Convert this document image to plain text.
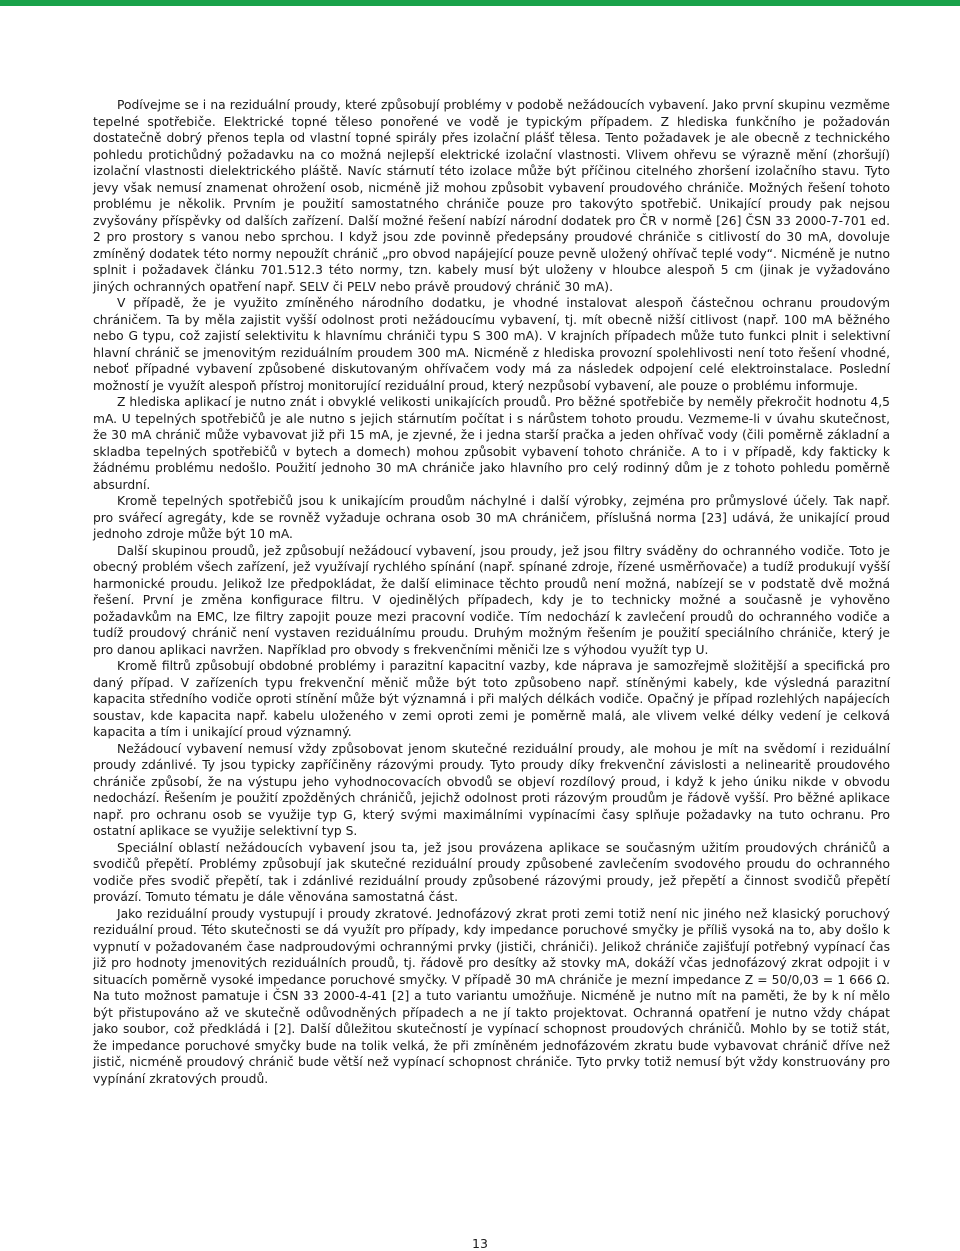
Podívejme se i na reziduální proudy, které způsobují problémy v podobě nežádoucích vybavení. Jako první skupinu vezměme tepelné spotřebiče. Elektrické topné těleso ponořené ve vodě je typickým případem. Z hlediska funkčního je požadován dostatečně dobrý přenos tepla od vlastní topné spirály přes izolační plášť tělesa. Tento požadavek je ale obecně z technického pohledu protichůdný požadavku na co možná nejlepší elektrické izolační vlastnosti. Vlivem ohřevu se výrazně mění (zhoršují) izolační vlastnosti dielektrického pláště. Navíc stárnutí této izolace může být příčinou citelného zhoršení izolačního stavu. Tyto jevy však nemusí znamenat ohrožení osob, nicméně již mohou způsobit vybavení proudového chrániče. Možných řešení tohoto problému je několik. Prvním je použití samostatného chrániče pouze pro takovýto spotřebič. Unikající proudy pak nejsou zvyšovány příspěvky od dalších zařízení. Další možné řešení nabízí národní dodatek pro ČR v normě [26] ČSN 33 2000-7-701 ed. 2 pro prostory s vanou nebo sprchou. I když jsou zde povinně předepsány proudové chrániče s citlivostí do 30 mA, dovoluje zmíněný dodatek této normy nepoužít chránič „pro obvod napájející pouze pevně uložený ohřívač teplé vody“. Nicméně je nutno splnit i požadavek článku 701.512.3 této normy, tzn. kabely musí být uloženy v hloubce alespoň 5 cm (jinak je vyžadováno jiných ochranných opatření např. SELV či PELV nebo právě proudový chránič 30 mA).

V případě, že je využito zmíněného národního dodatku, je vhodné instalovat alespoň částečnou ochranu proudovým chráničem. Ta by měla zajistit vyšší odolnost proti nežádoucímu vybavení, tj. mít obecně nižší citlivost (např. 100 mA běžného nebo G typu, což zajistí selektivitu k hlavnímu chrániči typu S 300 mA). V krajních případech může tuto funkci plnit i selektivní hlavní chránič se jmenovitým reziduálním proudem 300 mA. Nicméně z hlediska provozní spolehlivosti není toto řešení vhodné, neboť případné vybavení způsobené diskutovaným ohřívačem vody má za následek odpojení celé elektroinstalace. Poslední možností je využít alespoň přístroj monitorující reziduální proud, který nezpůsobí vybavení, ale pouze o problému informuje.

Z hlediska aplikací je nutno znát i obvyklé velikosti unikajících proudů. Pro běžné spotřebiče by neměly překročit hodnotu 4,5 mA. U tepelných spotřebičů je ale nutno s jejich stárnutím počítat i s nárůstem tohoto proudu. Vezmeme-li v úvahu skutečnost, že 30 mA chránič může vybavovat již při 15 mA, je zjevné, že i jedna starší pračka a jeden ohřívač vody (čili poměrně základní a skladba tepelných spotřebičů v bytech a domech) mohou způsobit vybavení tohoto chrániče. A to i v případě, kdy fakticky k žádnému problému nedošlo. Použití jednoho 30 mA chrániče jako hlavního pro celý rodinný dům je z tohoto pohledu poměrně absurdní.

Kromě tepelných spotřebičů jsou k unikajícím proudům náchylné i další výrobky, zejména pro průmyslové účely. Tak např. pro svářecí agregáty, kde se rovněž vyžaduje ochrana osob 30 mA chráničem, příslušná norma [23] udává, že unikající proud jednoho zdroje může být 10 mA.

Další skupinou proudů, jež způsobují nežádoucí vybavení, jsou proudy, jež jsou filtry sváděny do ochranného vodiče. Toto je obecný problém všech zařízení, jež využívají rychlého spínání (např. spínané zdroje, řízené usměrňovače) a tudíž produkují vyšší harmonické proudu. Jelikož lze předpokládat, že další eliminace těchto proudů není možná, nabízejí se v podstatě dvě možná řešení. První je změna konfigurace filtru. V ojedinělých případech, kdy je to technicky možné a současně je vyhověno požadavkům na EMC, lze filtry zapojit pouze mezi pracovní vodiče. Tím nedochází k zavlečení proudů do ochranného vodiče a tudíž proudový chránič není vystaven reziduálnímu proudu. Druhým možným řešením je použití speciálního chrániče, který je pro danou aplikaci navržen. Například pro obvody s frekvenčními měniči lze s výhodou využít typ U.

Kromě filtrů způsobují obdobné problémy i parazitní kapacitní vazby, kde náprava je samozřejmě složitější a specifická pro daný případ. V zařízeních typu frekvenční měnič může být toto způsobeno např. stíněnými kabely, kde výsledná parazitní kapacita středního vodiče oproti stínění může být významná i při malých délkách vodiče. Opačný je případ rozlehlých napájecích soustav, kde kapacita např. kabelu uloženého v zemi oproti zemi je poměrně malá, ale vlivem velké délky vedení je celková kapacita a tím i unikající proud významný.

Nežádoucí vybavení nemusí vždy způsobovat jenom skutečné reziduální proudy, ale mohou je mít na svědomí i reziduální proudy zdánlivé. Ty jsou typicky zapříčiněny rázovými proudy. Tyto proudy díky frekvenční závislosti a nelinearitě proudového chrániče způsobí, že na výstupu jeho vyhodnocovacích obvodů se objeví rozdílový proud, i když k jeho úniku nikde v obvodu nedochází. Řešením je použití zpožděných chráničů, jejichž odolnost proti rázovým proudům je řádově vyšší. Pro běžné aplikace např. pro ochranu osob se využije typ G, který svými maximálními vypínacími časy splňuje požadavky na tuto ochranu. Pro ostatní aplikace se využije selektivní typ S.

Speciální oblastí nežádoucích vybavení jsou ta, jež jsou provázena aplikace se současným užitím proudových chráničů a svodičů přepětí. Problémy způsobují jak skutečné reziduální proudy způsobené zavlečením svodového proudu do ochranného vodiče přes svodič přepětí, tak i zdánlivé reziduální proudy způsobené rázovými proudy, jež přepětí a činnost svodičů přepětí provází. Tomuto tématu je dále věnována samostatná část.

Jako reziduální proudy vystupují i proudy zkratové. Jednofázový zkrat proti zemi totiž není nic jiného než klasický poruchový reziduální proud. Této skutečnosti se dá využít pro případy, kdy impedance poruchové smyčky je příliš vysoká na to, aby došlo k vypnutí v požadovaném čase nadproudovými ochrannými prvky (jističi, chrániči). Jelikož chrániče zajišťují potřebný vypínací čas již pro hodnoty jmenovitých reziduálních proudů, tj. řádově pro desítky až stovky mA, dokáží včas jednofázový zkrat odpojit i v situacích poměrně vysoké impedance poruchové smyčky. V případě 30 mA chrániče je mezní impedance Z = 50/0,03 = 1 666 Ω. Na tuto možnost pamatuje i ČSN 33 2000-4-41 [2] a tuto variantu umožňuje. Nicméně je nutno mít na paměti, že by k ní mělo být přistupováno až ve skutečně odůvodněných případech a ne jí takto projektovat. Ochranná opatření je nutno vždy chápat jako soubor, což předkládá i [2]. Další důležitou skutečností je vypínací schopnost proudových chráničů. Mohlo by se totiž stát, že impedance poruchové smyčky bude na tolik velká, že při zmíněném jednofázovém zkratu bude vybavovat chránič dříve než jistič, nicméně proudový chránič bude větší než vypínací schopnost chrániče. Tyto prvky totiž nemusí být vždy konstruovány pro vypínání zkratových proudů.

13
